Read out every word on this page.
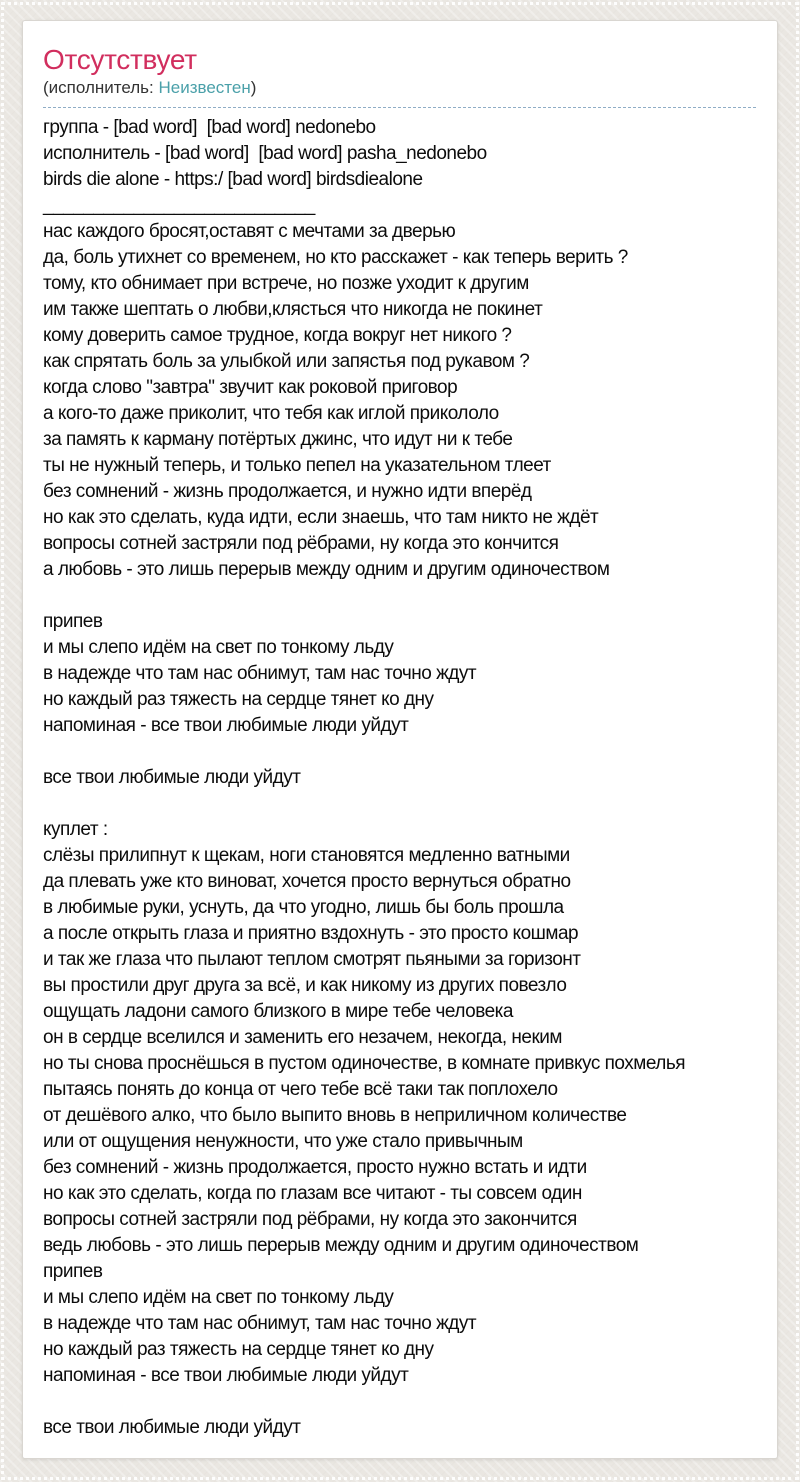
Отсутствует
(исполнитель: Неизвестен)
группа - [bad word]  [bad word] nedonebo
исполнитель - [bad word]  [bad word] pasha_nedonebo
birds die alone - https:/ [bad word] birdsdiealone
___________________________
нас каждого бросят,оставят с мечтами за дверью
да, боль утихнет со временем, но кто расскажет - как теперь верить ?
тому, кто обнимает при встрече, но позже уходит к другим
им также шептать о любви,клясться что никогда не покинет
кому доверить самое трудное, когда вокруг нет никого ?
как спрятать боль за улыбкой или запястья под рукавом ?
когда слово "завтра" звучит как роковой приговор
а кого-то даже приколит, что тебя как иглой прикололо
за память к карману потёртых джинс, что идут ни к тебе
ты не нужный теперь, и только пепел на указательном тлеет
без сомнений - жизнь продолжается, и нужно идти вперёд
но как это сделать, куда идти, если знаешь, что там никто не ждёт
вопросы сотней застряли под рёбрами, ну когда это кончится
а любовь - это лишь перерыв между одним и другим одиночеством

припев
и мы слепо идём на свет по тонкому льду
в надежде что там нас обнимут, там нас точно ждут
но каждый раз тяжесть на сердце тянет ко дну
напоминая - все твои любимые люди уйдут

все твои любимые люди уйдут

куплет :
слёзы прилипнут к щекам, ноги становятся медленно ватными
да плевать уже кто виноват, хочется просто вернуться обратно
в любимые руки, уснуть, да что угодно, лишь бы боль прошла
а после открыть глаза и приятно вздохнуть - это просто кошмар
и так же глаза что пылают теплом смотрят пьяными за горизонт
вы простили друг друга за всё, и как никому из других повезло
ощущать ладони самого близкого в мире тебе человека
он в сердце вселился и заменить его незачем, некогда, неким
но ты снова проснёшься в пустом одиночестве, в комнате привкус похмелья
пытаясь понять до конца от чего тебе всё таки так поплохело
от дешёвого алко, что было выпито вновь в неприличном количестве
или от ощущения ненужности, что уже стало привычным
без сомнений - жизнь продолжается, просто нужно встать и идти
но как это сделать, когда по глазам все читают - ты совсем один
вопросы сотней застряли под рёбрами, ну когда это закончится
ведь любовь - это лишь перерыв между одним и другим одиночеством
припев
и мы слепо идём на свет по тонкому льду
в надежде что там нас обнимут, там нас точно ждут
но каждый раз тяжесть на сердце тянет ко дну
напоминая - все твои любимые люди уйдут

все твои любимые люди уйдут
